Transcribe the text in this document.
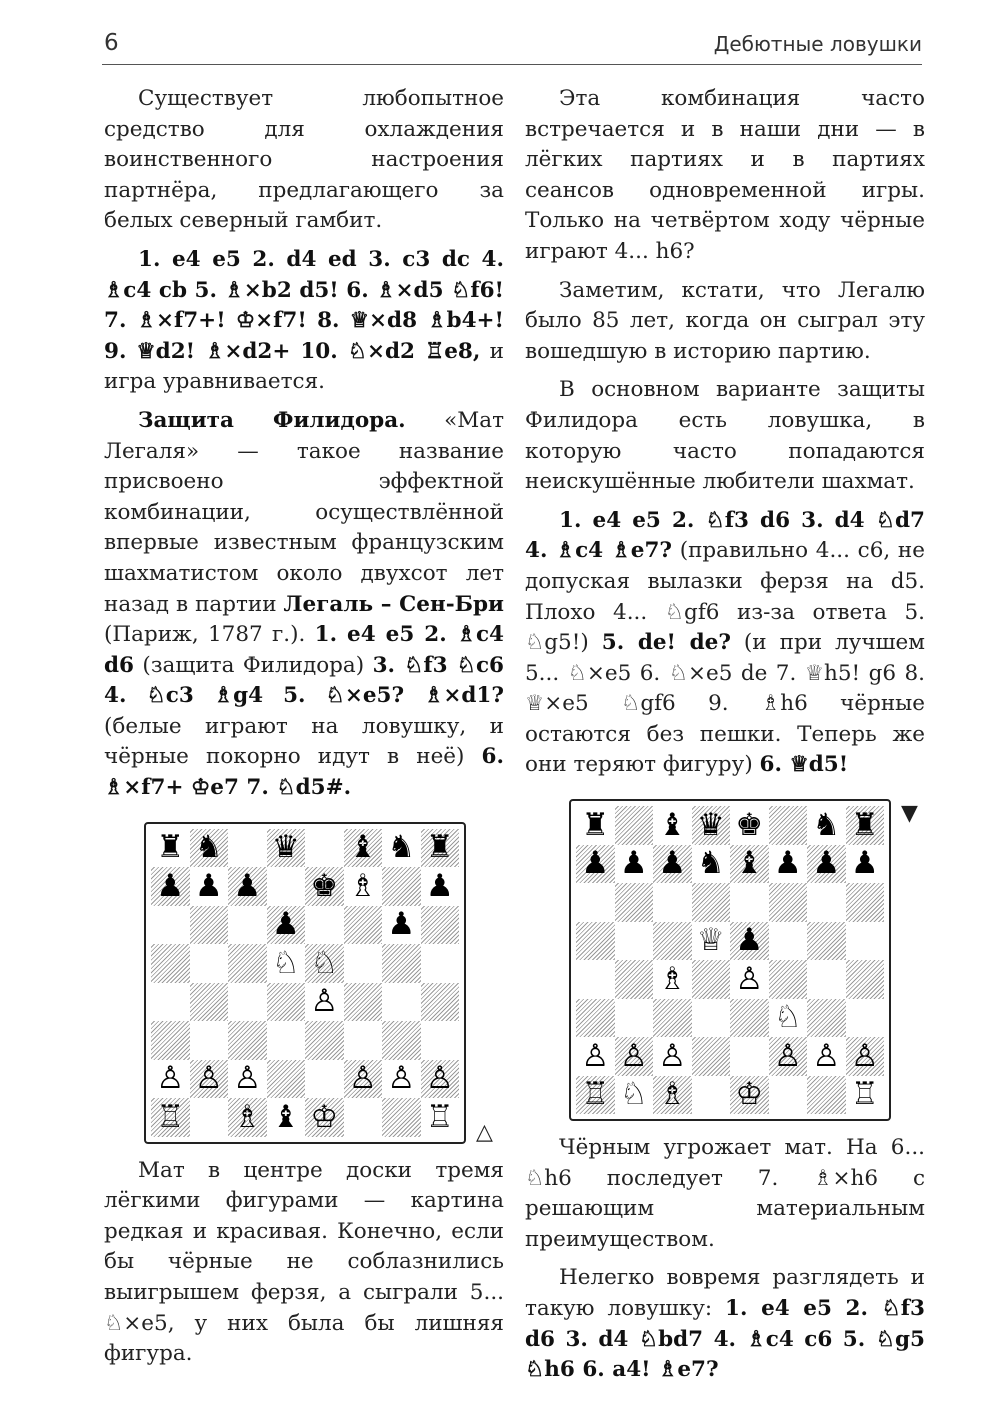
6	Дебютные ловушки

Существует любопытное средство для охлаждения воинственного настроения партнёра, предлагающего за белых северный гамбит.

1. e4 e5 2. d4 ed 3. c3 dc 4. ♗c4 cb 5. ♗×b2 d5! 6. ♗×d5 ♘f6! 7. ♗×f7+! ♔×f7! 8. ♕×d8 ♗b4+! 9. ♕d2! ♗×d2+ 10. ♘×d2 ♖e8, и игра уравнивается.

Защита Филидора. «Мат Легаля» — такое название присвоено эффектной комбинации, осуществлённой впервые известным французским шахматистом около двухсот лет назад в партии Легаль – Сен-Бри (Париж, 1787 г.). 1. e4 e5 2. ♗c4 d6 (защита Филидора) 3. ♘f3 ♘c6 4. ♘c3 ♗g4 5. ♘×e5? ♗×d1? (белые играют на ловушку, и чёрные покорно идут в неё) 6. ♗×f7+ ♔e7 7. ♘d5#.

♜ ♞ ♛ ♝ ♞ ♜
♟ ♟ ♟ ♚ ♗ ♟
♟	♟
♘ ♘
♙
♙ ♙ ♙	♙ ♙ ♙
♖ ♗ ♝ ♔	♖ △

Мат в центре доски тремя лёгкими фигурами — картина редкая и красивая. Конечно, если бы чёрные не соблазнились выигрышем ферзя, а сыграли 5... ♘×e5, у них была бы лишняя фигура.

Эта комбинация часто встречается и в наши дни — в лёгких партиях и в партиях сеансов одновременной игры. Только на четвёртом ходу чёрные играют 4... h6?

Заметим, кстати, что Легалю было 85 лет, когда он сыграл эту вошедшую в историю партию.

В основном варианте защиты Филидора есть ловушка, в которую часто попадаются неискушённые любители шахмат.

1. e4 e5 2. ♘f3 d6 3. d4 ♘d7 4. ♗c4 ♗e7? (правильно 4... c6, не допуская вылазки ферзя на d5. Плохо 4... ♘gf6 из-за ответа 5. ♘g5!) 5. de! de? (и при лучшем 5... ♘×e5 6. ♘×e5 de 7. ♕h5! g6 8. ♕×e5 ♘gf6 9. ♗h6 чёрные остаются без пешки. Теперь же они теряют фигуру) 6. ♕d5!

♜ ♝ ♛ ♚ ♞ ♜
♟ ♟ ♟ ♞ ♝ ♟ ♟ ♟
♕ ♟
♗ ♙
♘
♙ ♙ ♙	♙ ♙ ♙
♖ ♘ ♗ ♔	♖
▼

Чёрным угрожает мат. На 6... ♘h6 последует 7. ♗×h6 с решающим материальным преимуществом.

Нелегко вовремя разглядеть и такую ловушку: 1. e4 e5 2. ♘f3 d6 3. d4 ♘bd7 4. ♗c4 c6 5. ♘g5 ♘h6 6. a4! ♗e7?
